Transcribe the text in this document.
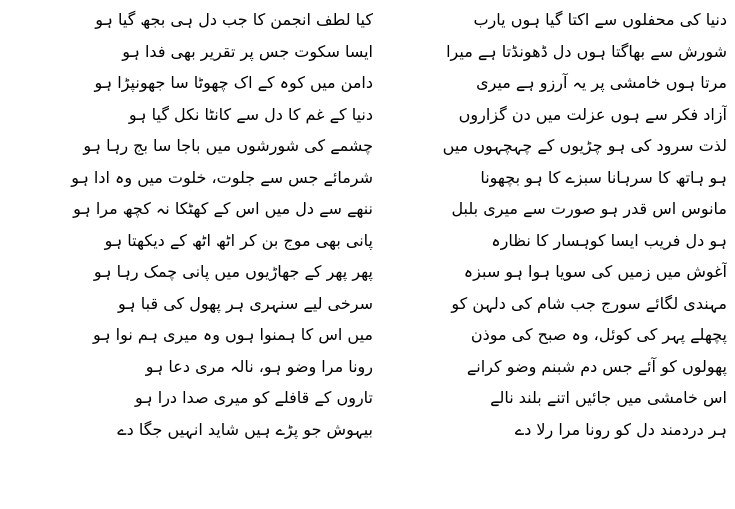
دنیا کی محفلوں سے اکتا گیا ہوں یارب
شورش سے بھاگتا ہوں دل ڈھونڈتا ہے میرا
مرتا ہوں خامشی پر یہ آرزو ہے میری
آزاد فکر سے ہوں عزلت میں دن گزاروں
لذت سرود کی ہو چڑیوں کے چہچہوں میں
ہو ہاتھ کا سرہانا سبزے کا ہو بچھونا
مانوس اس قدر ہو صورت سے میری بلبل
ہو دل فریب ایسا کوہسار کا نظارہ
آغوش میں زمیں کی سویا ہوا ہو سبزہ
مہندی لگائے سورج جب شام کی دلہن کو
پچھلے پہر کی کوئل، وہ صبح کی موذن
پھولوں کو آئے جس دم شبنم وضو کرانے
اس خامشی میں جائیں اتنے بلند نالے
ہر دردمند دل کو رونا مرا رلا دے
کیا لطف انجمن کا جب دل ہی بجھ گیا ہو
ایسا سکوت جس پر تقریر بھی فدا ہو
دامن میں کوہ کے اک چھوٹا سا جھونپڑا ہو
دنیا کے غم کا دل سے کانٹا نکل گیا ہو
چشمے کی شورشوں میں باجا سا بج رہا ہو
شرمائے جس سے جلوت، خلوت میں وہ ادا ہو
ننھے سے دل میں اس کے کھٹکا نہ کچھ مرا ہو
پانی بھی موج بن کر اٹھ اٹھ کے دیکھتا ہو
پھر پھر کے جھاڑیوں میں پانی چمک رہا ہو
سرخی لیے سنہری ہر پھول کی قبا ہو
میں اس کا ہمنوا ہوں وہ میری ہم نوا ہو
رونا مرا وضو ہو، نالہ مری دعا ہو
تاروں کے قافلے کو میری صدا درا ہو
بیہوش جو پڑے ہیں شاید انہیں جگا دے
